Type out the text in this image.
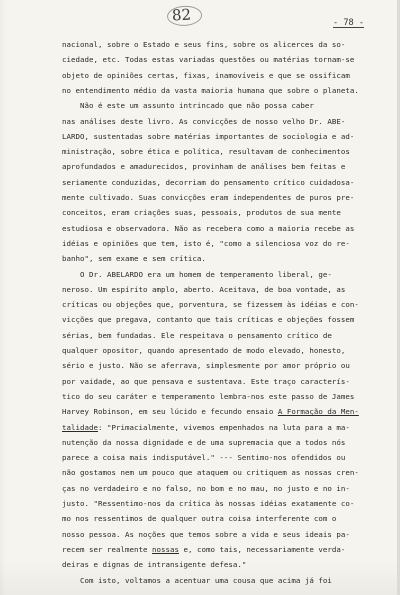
82	- 78 -
nacional, sobre o Estado e seus fins, sobre os alicerces da so-
ciedade, etc. Todas estas variadas questões ou matérias tornam-se
objeto de opiniões certas, fixas, inamovíveis e que se ossificam
no entendimento médio da vasta maioria humana que sobre o planeta.
Não é este um assunto intrincado que não possa caber
nas análises deste livro. As convicções de nosso velho Dr. ABE-
LARDO, sustentadas sobre matérias importantes de sociologia e ad-
ministração, sobre ética e política, resultavam de conhecimentos
aprofundados e amadurecidos, provinham de análises bem feitas e
seriamente conduzidas, decorriam do pensamento crítico cuidadosa-
mente cultivado. Suas convicções eram independentes de puros pre-
conceitos, eram criações suas, pessoais, produtos de sua mente
estudiosa e observadora. Não as recebera como a maioria recebe as
idéias e opiniões que tem, isto é, "como a silenciosa voz do re-
banho", sem exame e sem crítica.
O Dr. ABELARDO era um homem de temperamento liberal, ge-
neroso. Um espírito amplo, aberto. Aceitava, de boa vontade, as
críticas ou objeções que, porventura, se fizessem às idéias e con-
vicções que pregava, contanto que tais críticas e objeções fossem
sérias, bem fundadas. Ele respeitava o pensamento crítico de
qualquer opositor, quando apresentado de modo elevado, honesto,
sério e justo. Não se aferrava, simplesmente por amor próprio ou
por vaidade, ao que pensava e sustentava. Este traço caracterís-
tico do seu caráter e temperamento lembra-nos este passo de James
Harvey Robinson, em seu lúcido e fecundo ensaio A Formação da Men-
talidade: "Primacialmente, vivemos empenhados na luta para a ma-
nutenção da nossa dignidade e de uma supremacia que a todos nós
parece a coisa mais indisputável." --- Sentimo-nos ofendidos ou
não gostamos nem um pouco que ataquem ou critiquem as nossas cren-
ças no verdadeiro e no falso, no bom e no mau, no justo e no in-
justo. "Ressentimo-nos da crítica às nossas idéias exatamente co-
mo nos ressentimos de qualquer outra coisa interferente com o
nosso pessoa. As noções que temos sobre a vida e seus ideais pa-
recem ser realmente nossas e, como tais, necessariamente verda-
deiras e dignas de intransigente defesa."
Com isto, voltamos a acentuar uma cousa que acima já foi
